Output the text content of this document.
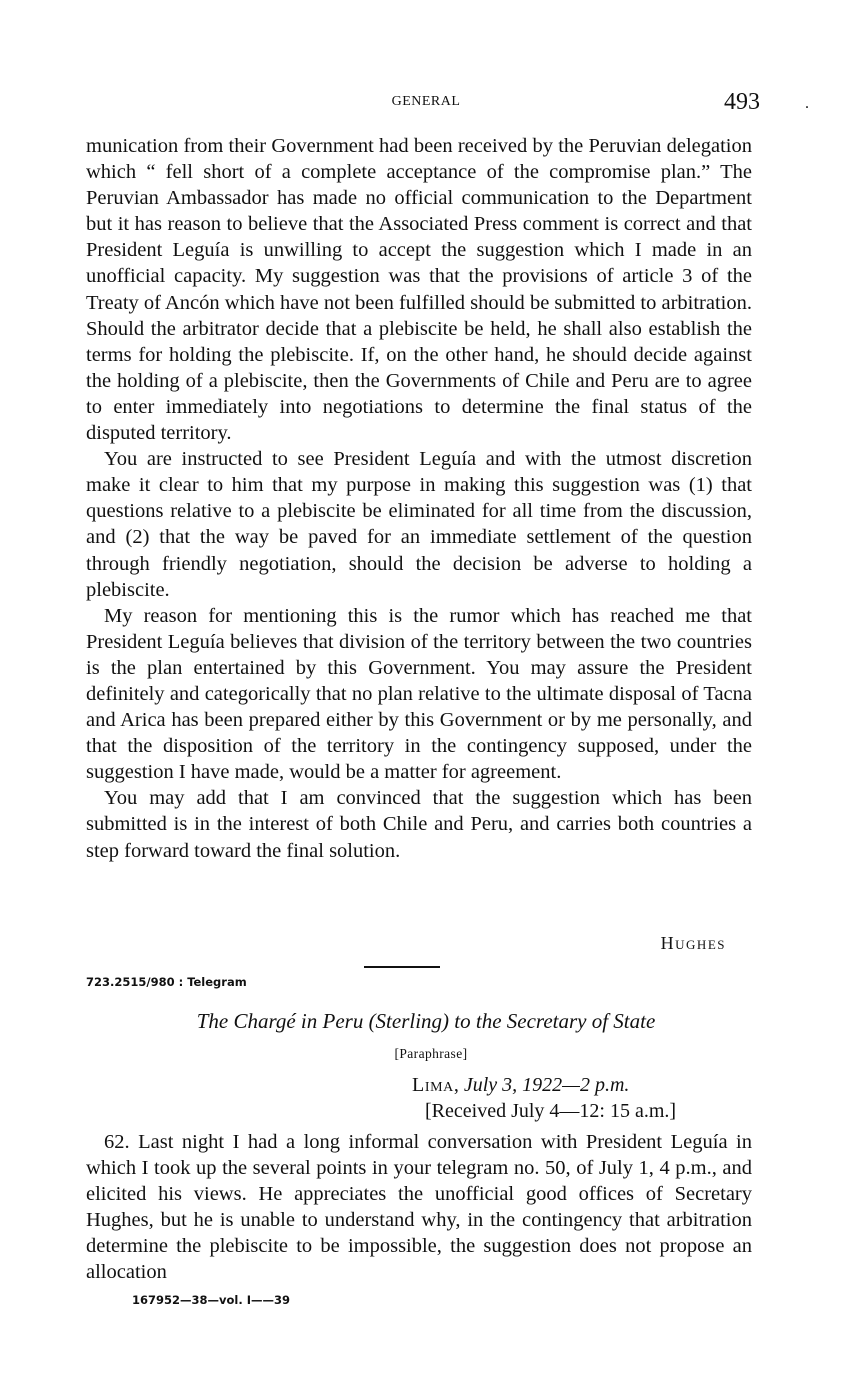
GENERAL	493	.

munication from their Government had been received by the Peruvian delegation which “ fell short of a complete acceptance of the compromise plan.” The Peruvian Ambassador has made no official communication to the Department but it has reason to believe that the Associated Press comment is correct and that President Leguía is unwilling to accept the suggestion which I made in an unofficial capacity. My suggestion was that the provisions of article 3 of the Treaty of Ancón which have not been fulfilled should be submitted to arbitration. Should the arbitrator decide that a plebiscite be held, he shall also establish the terms for holding the plebiscite. If, on the other hand, he should decide against the holding of a plebiscite, then the Governments of Chile and Peru are to agree to enter immediately into negotiations to determine the final status of the disputed territory.

You are instructed to see President Leguía and with the utmost discretion make it clear to him that my purpose in making this suggestion was (1) that questions relative to a plebiscite be eliminated for all time from the discussion, and (2) that the way be paved for an immediate settlement of the question through friendly negotiation, should the decision be adverse to holding a plebiscite.

My reason for mentioning this is the rumor which has reached me that President Leguía believes that division of the territory between the two countries is the plan entertained by this Government. You may assure the President definitely and categorically that no plan relative to the ultimate disposal of Tacna and Arica has been prepared either by this Government or by me personally, and that the disposition of the territory in the contingency supposed, under the suggestion I have made, would be a matter for agreement.

You may add that I am convinced that the suggestion which has been submitted is in the interest of both Chile and Peru, and carries both countries a step forward toward the final solution.

Hughes
723.2515/980 : Telegram
The Chargé in Peru (Sterling) to the Secretary of State
[Paraphrase]
Lima, July 3, 1922—2 p.m.
[Received July 4—12: 15 a.m.]

62. Last night I had a long informal conversation with President Leguía in which I took up the several points in your telegram no. 50, of July 1, 4 p.m., and elicited his views. He appreciates the unofficial good offices of Secretary Hughes, but he is unable to understand why, in the contingency that arbitration determine the plebiscite to be impossible, the suggestion does not propose an allocation

167952—38—vol. I——39
